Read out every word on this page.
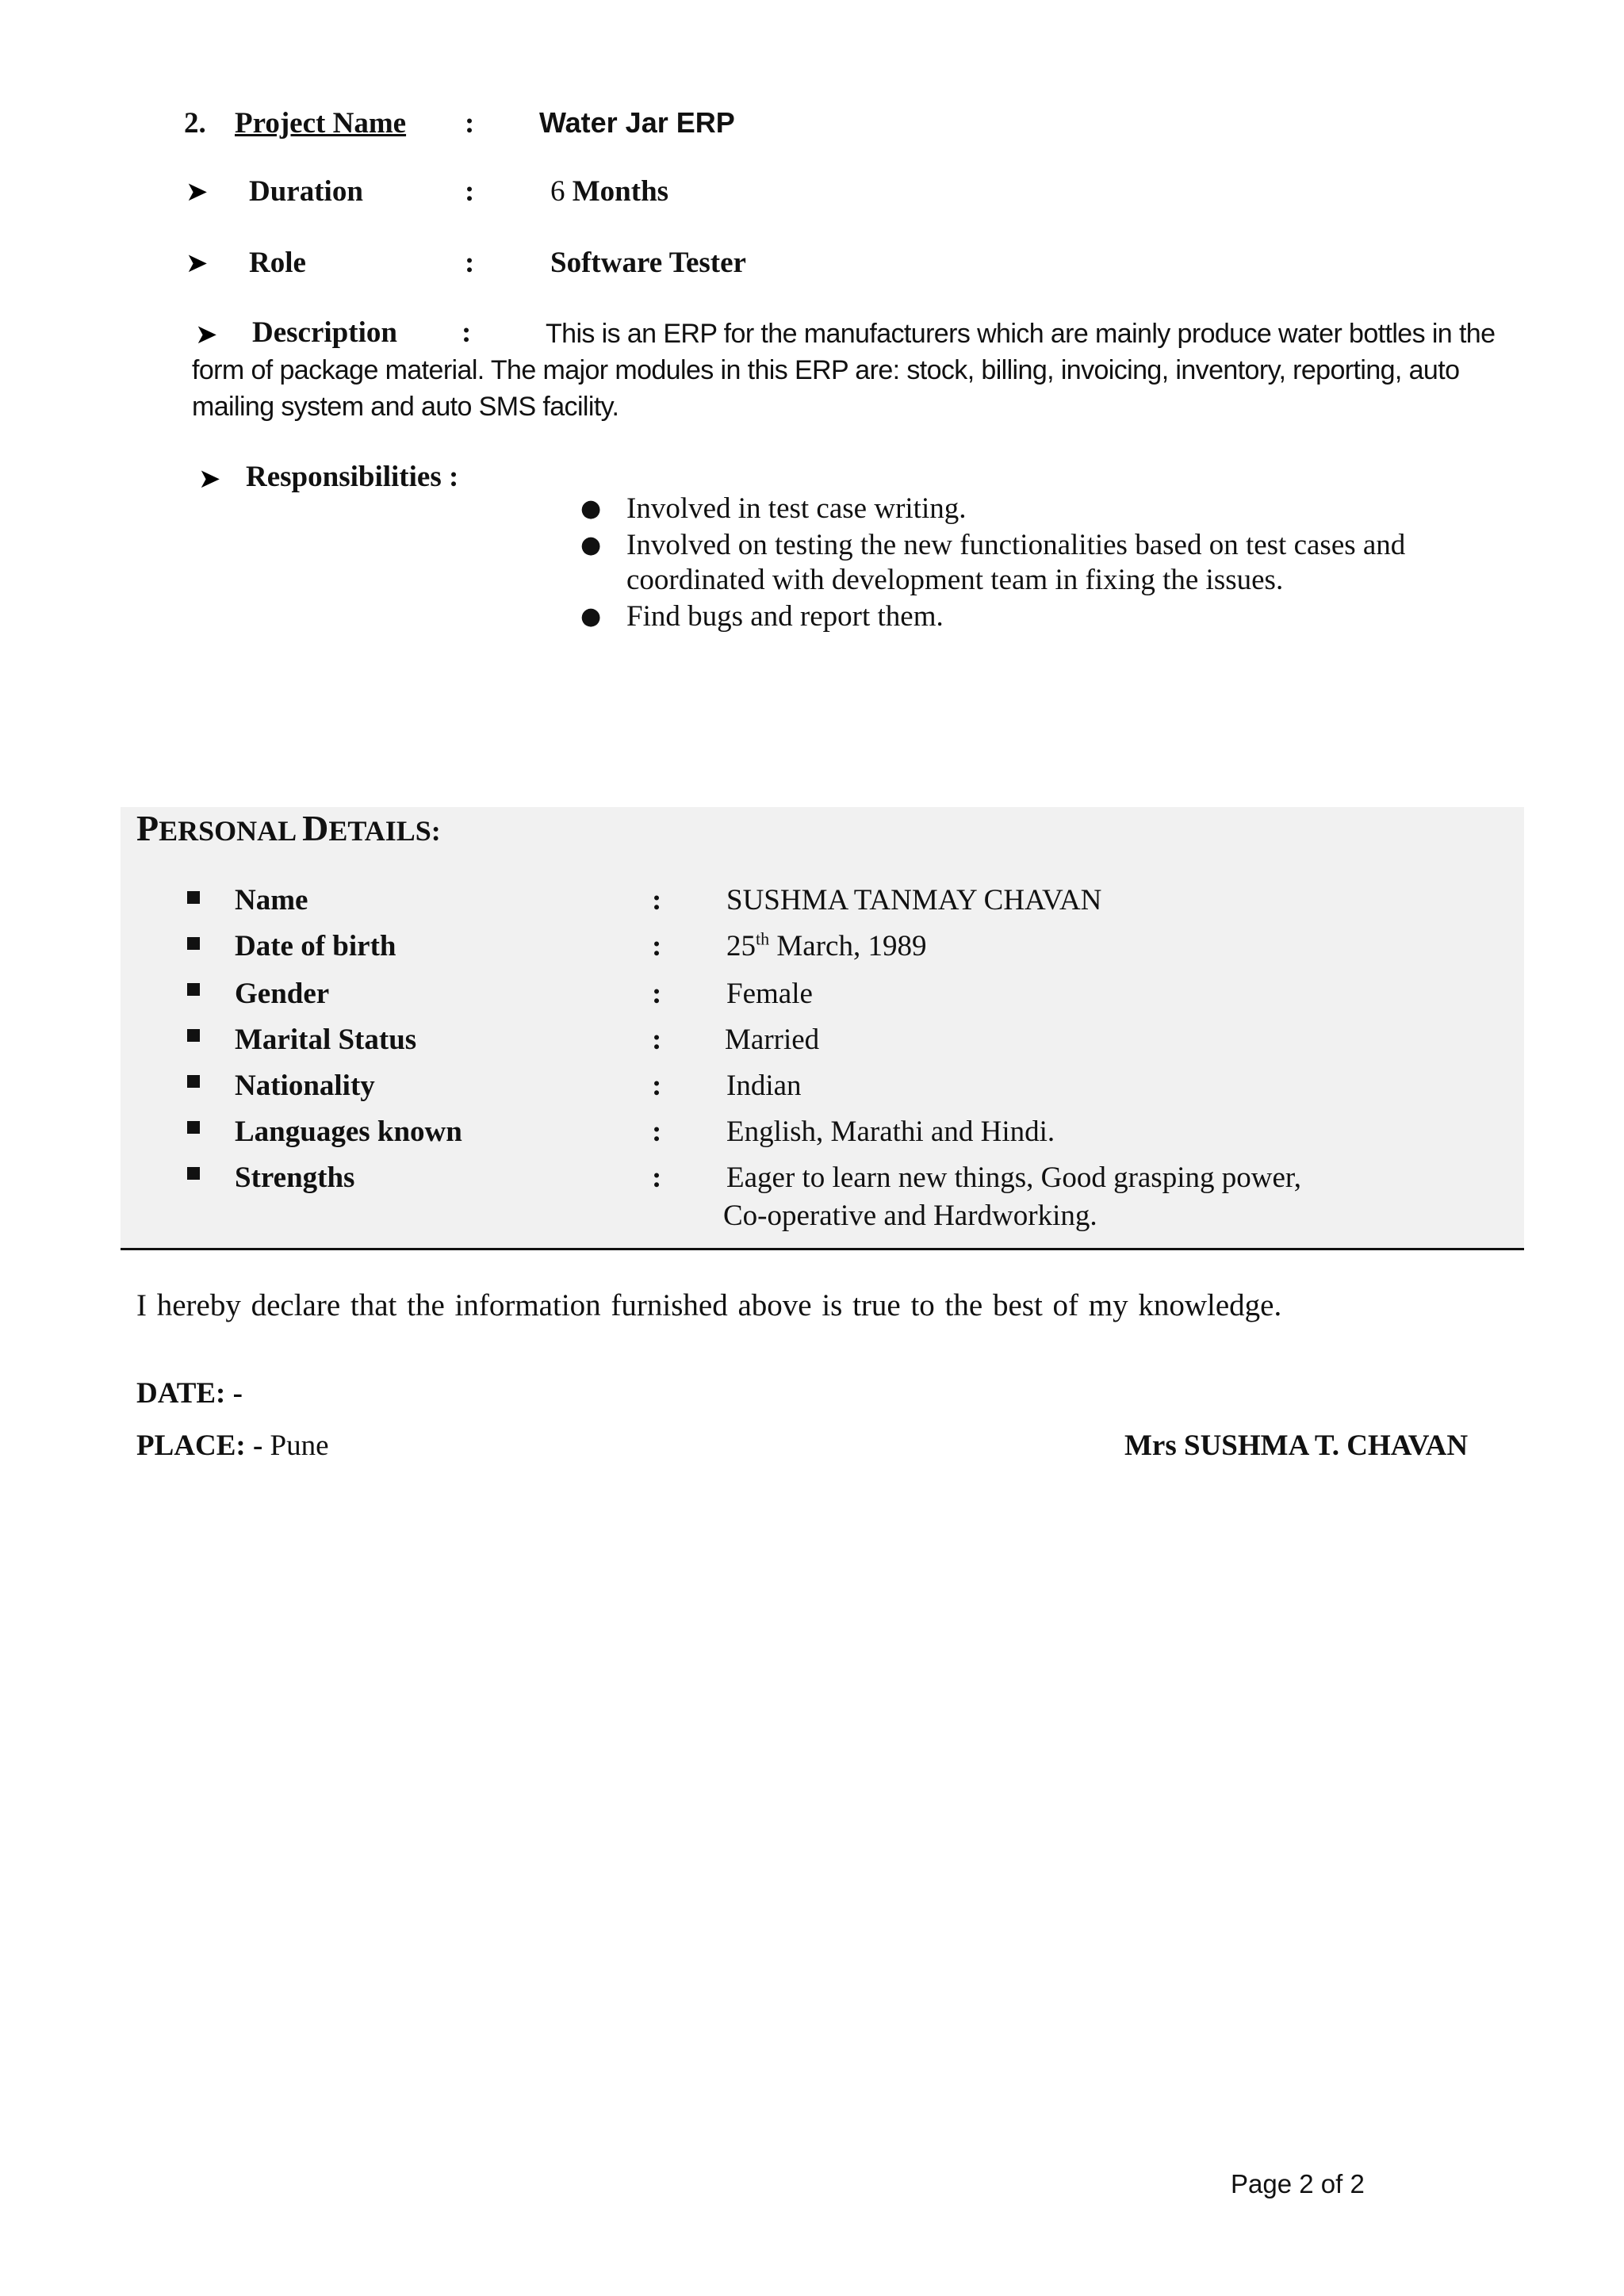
2. Project Name : Water Jar ERP
➤ Duration	:	6 Months
➤ Role	:	Software Tester
➤ Description :	This is an ERP for the manufacturers which are mainly produce water bottles in the form of package material. The major modules in this ERP are: stock, billing, invoicing, inventory, reporting, auto mailing system and auto SMS facility.
➤ Responsibilities :
● Involved in test case writing.
● Involved on testing the new functionalities based on test cases and coordinated with development team in fixing the issues.
● Find bugs and report them.
PERSONAL DETAILS:
Name	: SUSHMA TANMAY CHAVAN
Date of birth	: 25th March, 1989
Gender	: Female
Marital Status	: Married
Nationality	: Indian
Languages known	: English, Marathi and Hindi.
Strengths	: Eager to learn new things, Good grasping power,
Co-operative and Hardworking.
I hereby declare that the information furnished above is true to the best of my knowledge.
DATE: -
PLACE: - Pune	Mrs SUSHMA T. CHAVAN
Page 2 of 2
